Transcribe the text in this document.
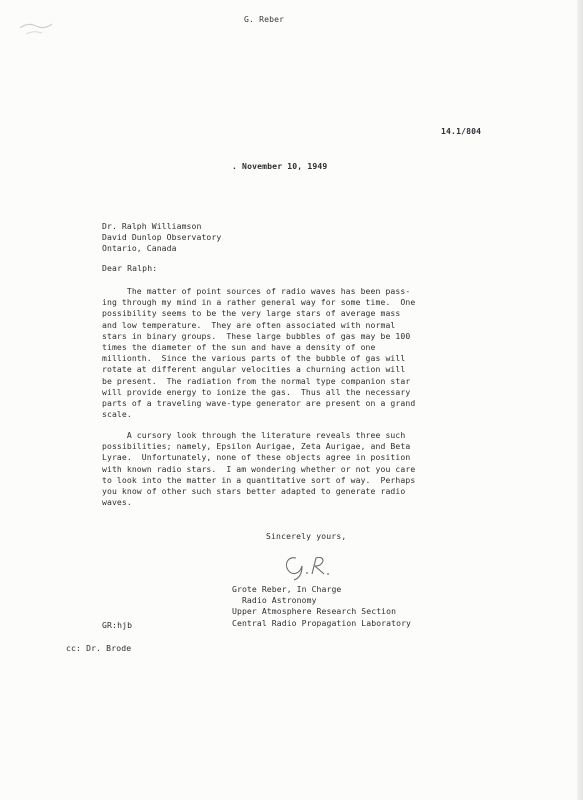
G. Reber
14.1/804
. November 10, 1949
Dr. Ralph Williamson
David Dunlop Observatory
Ontario, Canada
Dear Ralph:
The matter of point sources of radio waves has been pass-
ing through my mind in a rather general way for some time.  One
possibility seems to be the very large stars of average mass
and low temperature.  They are often associated with normal
stars in binary groups.  These large bubbles of gas may be 100
times the diameter of the sun and have a density of one
millionth.  Since the various parts of the bubble of gas will
rotate at different angular velocities a churning action will
be present.  The radiation from the normal type companion star
will provide energy to ionize the gas.  Thus all the necessary
parts of a traveling wave-type generator are present on a grand
scale.
A cursory look through the literature reveals three such
possibilities; namely, Epsilon Aurigae, Zeta Aurigae, and Beta
Lyrae.  Unfortunately, none of these objects agree in position
with known radio stars.  I am wondering whether or not you care
to look into the matter in a quantitative sort of way.  Perhaps
you know of other such stars better adapted to generate radio
waves.
Sincerely yours,
Grote Reber, In Charge
Radio Astronomy
Upper Atmosphere Research Section
Central Radio Propagation Laboratory
GR:hjb
cc: Dr. Brode
